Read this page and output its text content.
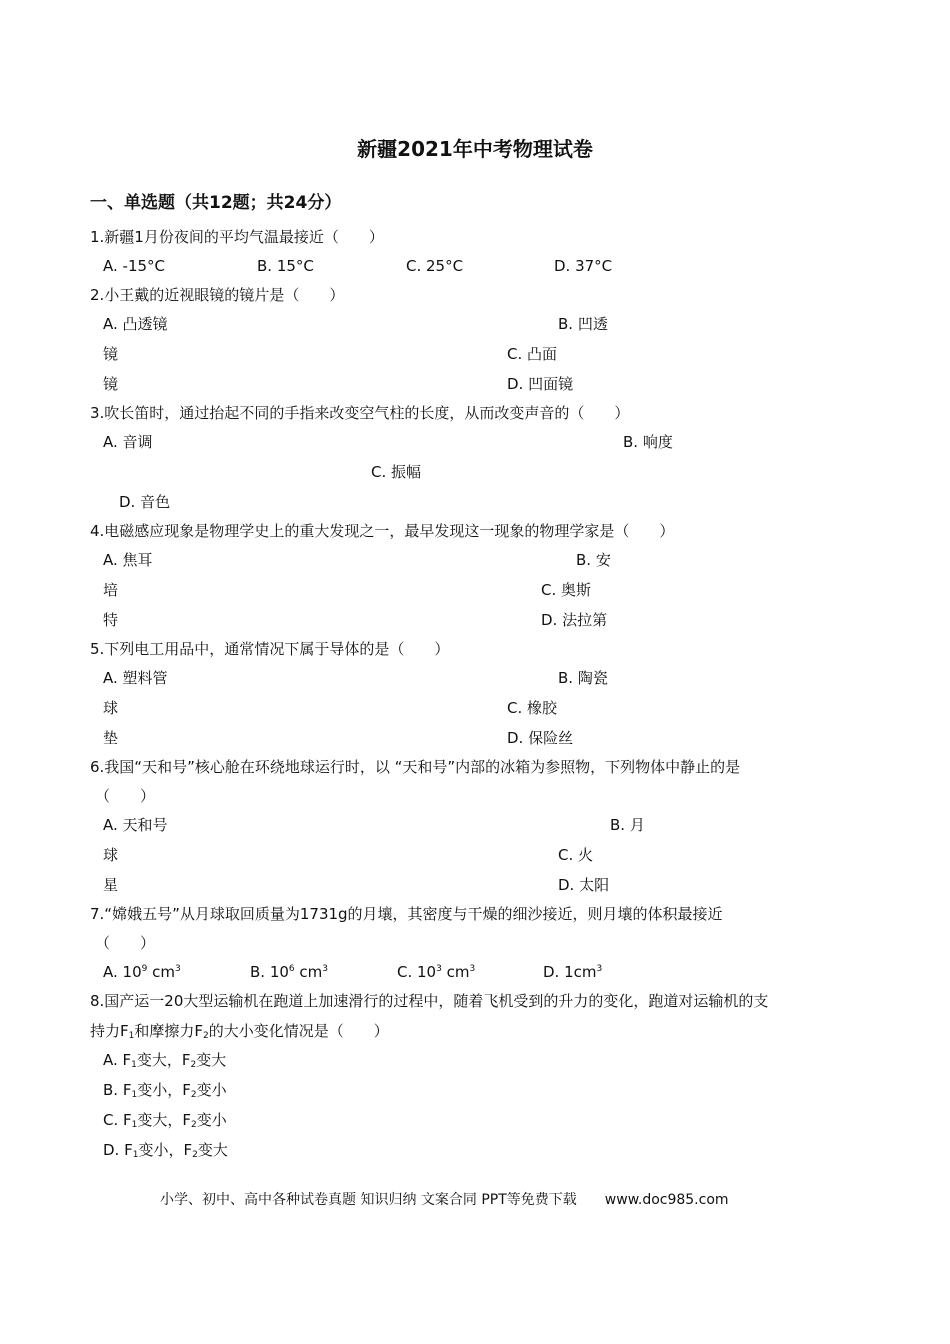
新疆2021年中考物理试卷
一、单选题（共12题；共24分）
1.新疆1月份夜间的平均气温最接近（　　）
A. -15°C	B. 15°C	C. 25°C	D. 37°C
2.小王戴的近视眼镜的镜片是（　　）
A. 凸透镜	B. 凹透
镜	C. 凸面
镜	D. 凹面镜
3.吹长笛时，通过抬起不同的手指来改变空气柱的长度，从而改变声音的（　　）
A. 音调	B. 响度
C. 振幅
D. 音色
4.电磁感应现象是物理学史上的重大发现之一，最早发现这一现象的物理学家是（　　）
A. 焦耳	B. 安
培	C. 奥斯
特	D. 法拉第
5.下列电工用品中，通常情况下属于导体的是（　　）
A. 塑料管	B. 陶瓷
球	C. 橡胶
垫	D. 保险丝
6.我国“天和号”核心舱在环绕地球运行时，以 “天和号”内部的冰箱为参照物，下列物体中静止的是
（　　）
A. 天和号	B. 月
球	C. 火
星	D. 太阳
7.“嫦娥五号”从月球取回质量为1731g的月壤，其密度与干燥的细沙接近，则月壤的体积最接近
（　　）
A. $10^9$ $cm^3$	B. $10^6$ $cm^3$	C. $10^3$ $cm^3$	D. $1cm^3$
8.国产运一20大型运输机在跑道上加速滑行的过程中，随着飞机受到的升力的变化，跑道对运输机的支
持力$F_1$和摩擦力$F_2$的大小变化情况是（　　）
A. $F_1$变大，$F_2$变大
B. $F_1$变小，$F_2$变小
C. $F_1$变大，$F_2$变小
D. $F_1$变小，$F_2$变大
小学、初中、高中各种试卷真题 知识归纳 文案合同 PPT等免费下载 www.doc985.com
